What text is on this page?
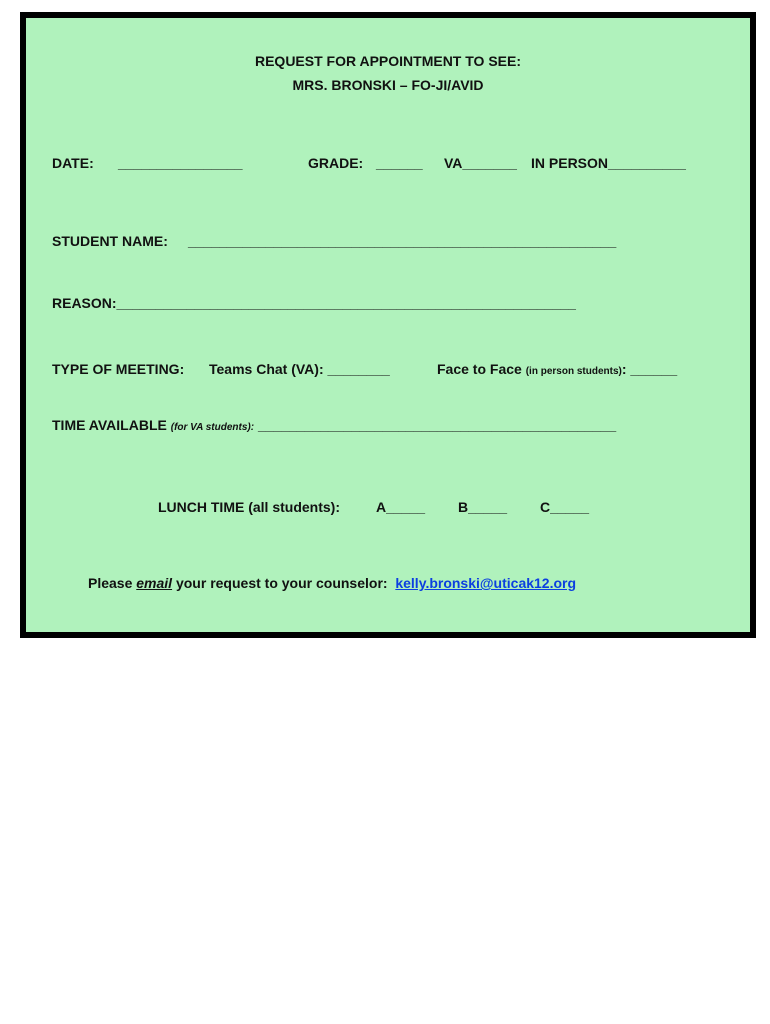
REQUEST FOR APPOINTMENT TO SEE:
MRS. BRONSKI – FO-JI/AVID
DATE: ________________	GRADE: ______ VA_______ IN PERSON__________
STUDENT NAME: _______________________________________________________
REASON:___________________________________________________________
TYPE OF MEETING: Teams Chat (VA): ________	Face to Face (in person students): ______
TIME AVAILABLE (for VA students): ______________________________________________
LUNCH TIME (all students):	A_____ B_____ C_____
Please email your request to your counselor: kelly.bronski@uticak12.org
